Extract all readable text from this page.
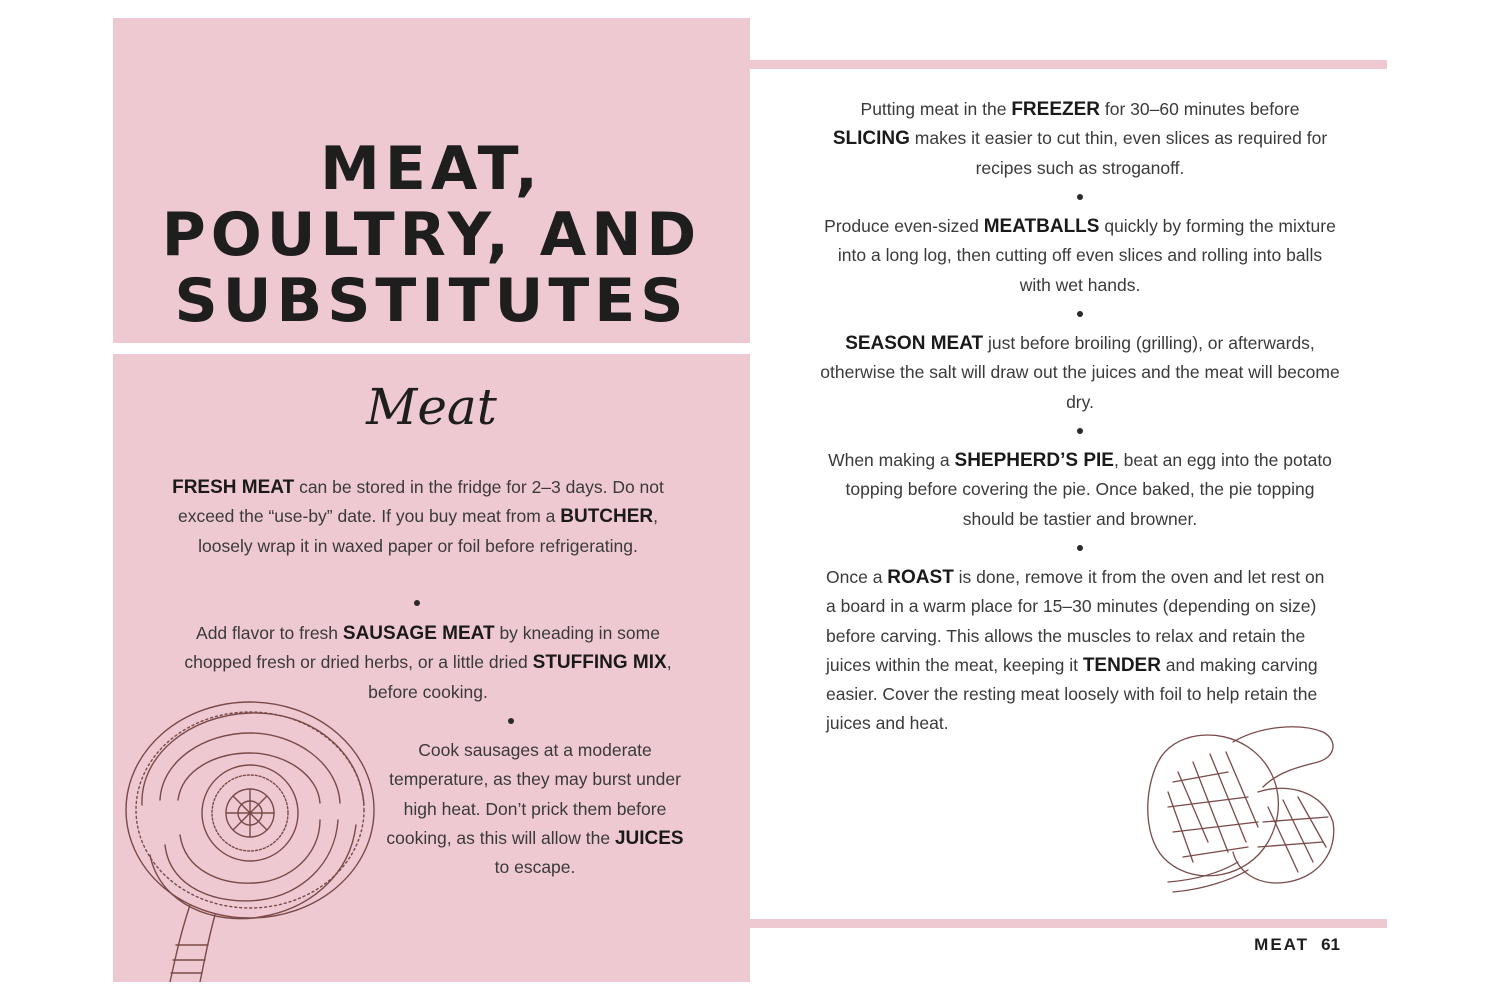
MEAT,
POULTRY, AND
SUBSTITUTES
Meat
FRESH MEAT can be stored in the fridge for 2–3 days. Do not exceed the “use-by” date. If you buy meat from a BUTCHER, loosely wrap it in waxed paper or foil before refrigerating.
Add flavor to fresh SAUSAGE MEAT by kneading in some chopped fresh or dried herbs, or a little dried STUFFING MIX, before cooking.
Cook sausages at a moderate temperature, as they may burst under high heat. Don’t prick them before cooking, as this will allow the JUICES to escape.
Putting meat in the FREEZER for 30–60 minutes before SLICING makes it easier to cut thin, even slices as required for recipes such as stroganoff.
Produce even-sized MEATBALLS quickly by forming the mixture into a long log, then cutting off even slices and rolling into balls with wet hands.
SEASON MEAT just before broiling (grilling), or afterwards, otherwise the salt will draw out the juices and the meat will become dry.
When making a SHEPHERD’S PIE, beat an egg into the potato topping before covering the pie. Once baked, the pie topping should be tastier and browner.
Once a ROAST is done, remove it from the oven and let rest on a board in a warm place for 15–30 minutes (depending on size) before carving. This allows the muscles to relax and retain the juices within the meat, keeping it TENDER and making carving easier. Cover the resting meat loosely with foil to help retain the juices and heat.
MEAT 61
